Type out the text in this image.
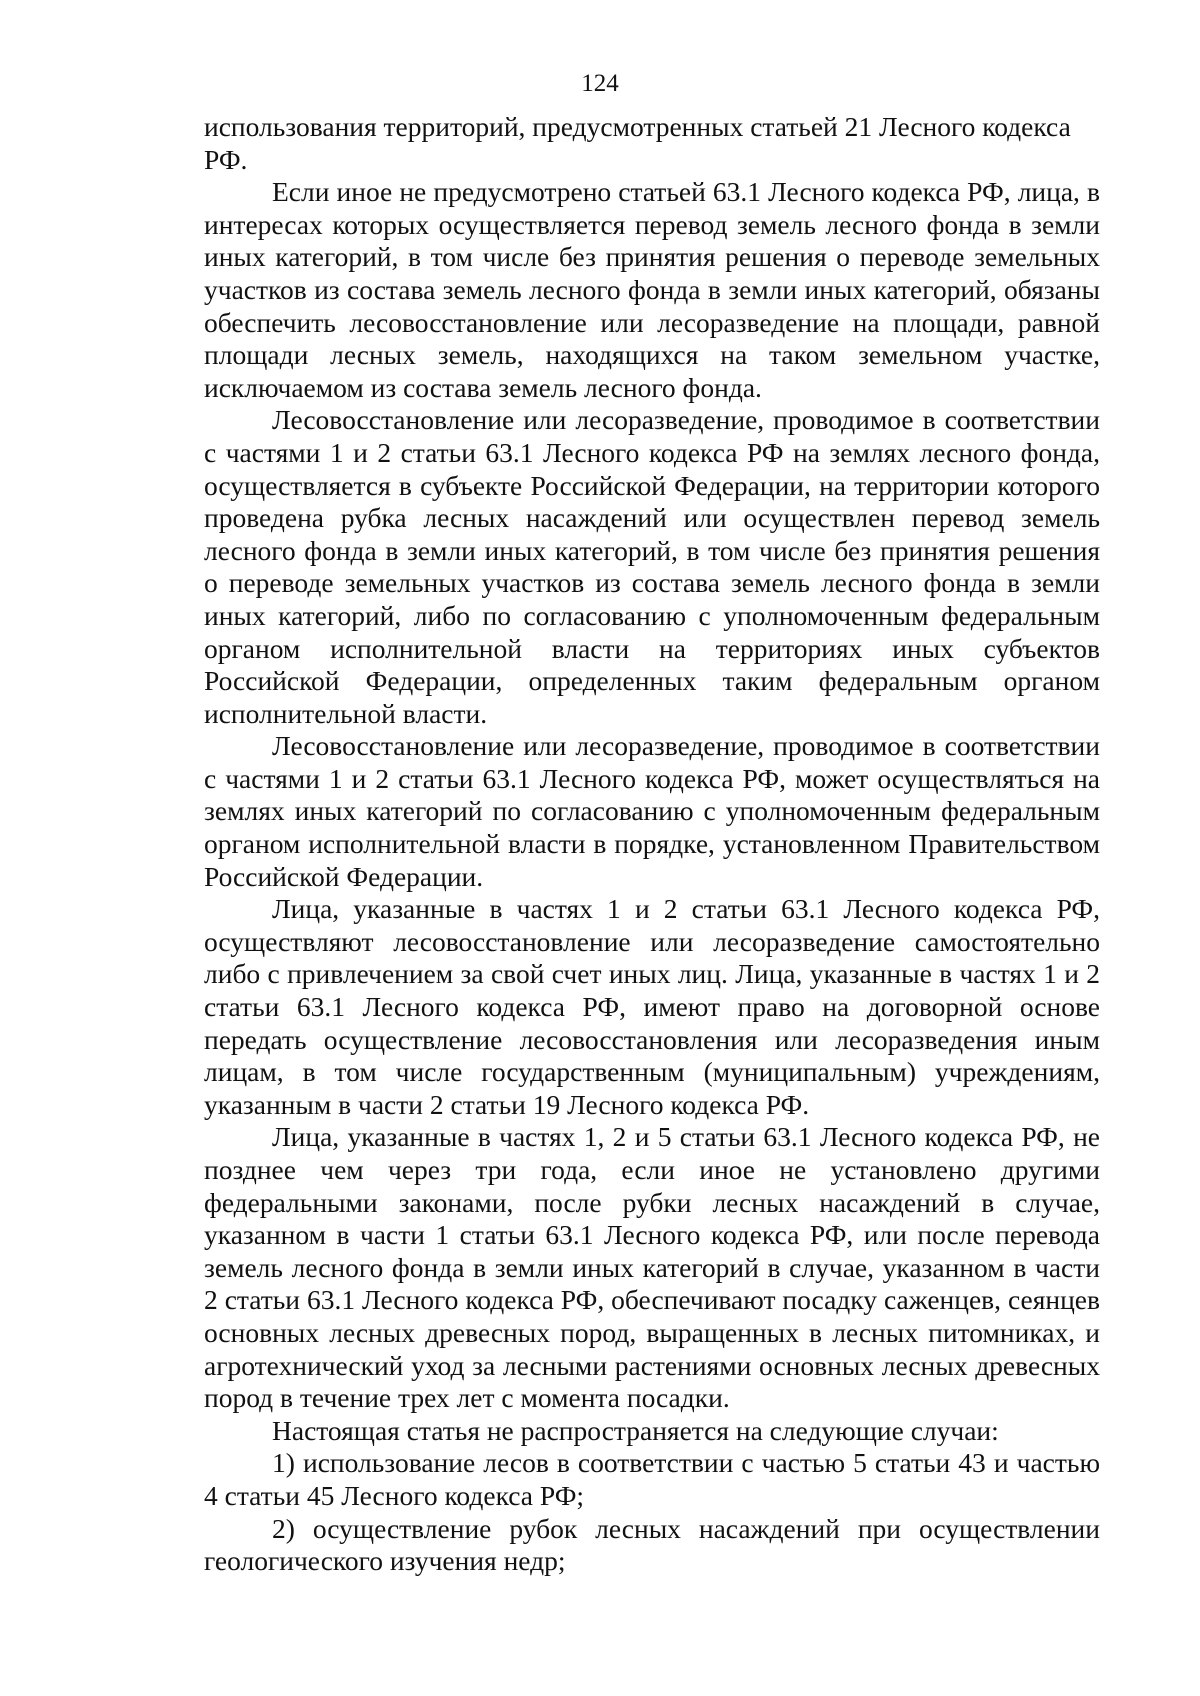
124

использования территорий, предусмотренных статьей 21 Лесного кодекса РФ.

Если иное не предусмотрено статьей 63.1 Лесного кодекса РФ, лица, в интересах которых осуществляется перевод земель лесного фонда в земли иных категорий, в том числе без принятия решения о переводе земельных участков из состава земель лесного фонда в земли иных категорий, обязаны обеспечить лесовосстановление или лесоразведение на площади, равной площади лесных земель, находящихся на таком земельном участке, исключаемом из состава земель лесного фонда.

Лесовосстановление или лесоразведение, проводимое в соответствии с частями 1 и 2 статьи 63.1 Лесного кодекса РФ на землях лесного фонда, осуществляется в субъекте Российской Федерации, на территории которого проведена рубка лесных насаждений или осуществлен перевод земель лесного фонда в земли иных категорий, в том числе без принятия решения о переводе земельных участков из состава земель лесного фонда в земли иных категорий, либо по согласованию с уполномоченным федеральным органом исполнительной власти на территориях иных субъектов Российской Федерации, определенных таким федеральным органом исполнительной власти.

Лесовосстановление или лесоразведение, проводимое в соответствии с частями 1 и 2 статьи 63.1 Лесного кодекса РФ, может осуществляться на землях иных категорий по согласованию с уполномоченным федеральным органом исполнительной власти в порядке, установленном Правительством Российской Федерации.

Лица, указанные в частях 1 и 2 статьи 63.1 Лесного кодекса РФ, осуществляют лесовосстановление или лесоразведение самостоятельно либо с привлечением за свой счет иных лиц. Лица, указанные в частях 1 и 2 статьи 63.1 Лесного кодекса РФ, имеют право на договорной основе передать осуществление лесовосстановления или лесоразведения иным лицам, в том числе государственным (муниципальным) учреждениям, указанным в части 2 статьи 19 Лесного кодекса РФ.

Лица, указанные в частях 1, 2 и 5 статьи 63.1 Лесного кодекса РФ, не позднее чем через три года, если иное не установлено другими федеральными законами, после рубки лесных насаждений в случае, указанном в части 1 статьи 63.1 Лесного кодекса РФ, или после перевода земель лесного фонда в земли иных категорий в случае, указанном в части 2 статьи 63.1 Лесного кодекса РФ, обеспечивают посадку саженцев, сеянцев основных лесных древесных пород, выращенных в лесных питомниках, и агротехнический уход за лесными растениями основных лесных древесных пород в течение трех лет с момента посадки.

Настоящая статья не распространяется на следующие случаи:

1) использование лесов в соответствии с частью 5 статьи 43 и частью 4 статьи 45 Лесного кодекса РФ;

2) осуществление рубок лесных насаждений при осуществлении геологического изучения недр;
